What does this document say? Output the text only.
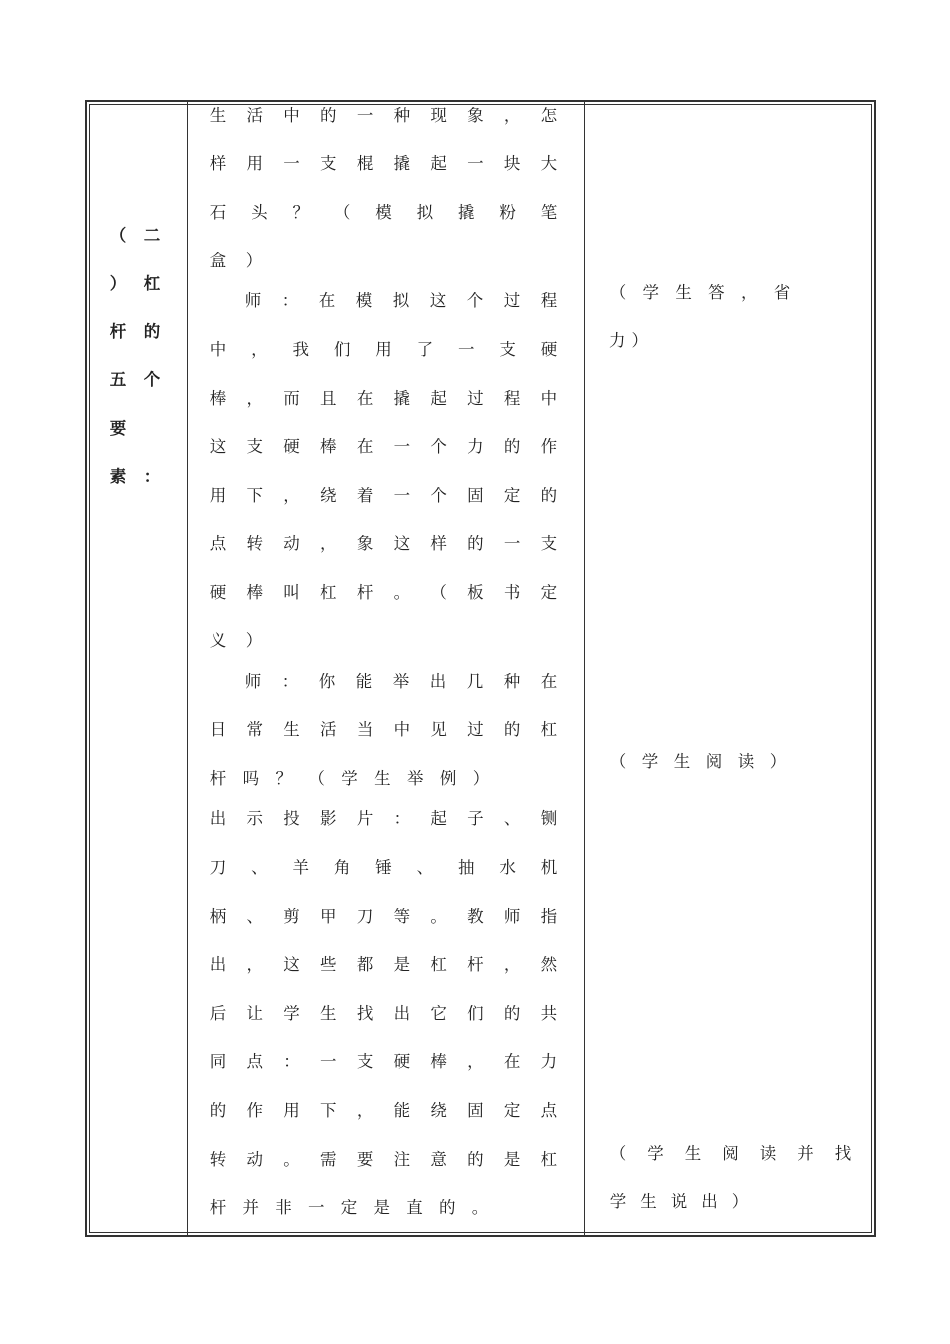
（ 二
） 杠
杆 的
五 个
要
素 ：
生 活 中 的 一 种 现 象 ， 怎
样 用 一 支 棍 撬 起 一 块 大
石 头 ？ （ 模 拟 撬 粉 笔
盒 ）
师 ： 在 模 拟 这 个 过 程
中 ， 我 们 用 了 一 支 硬
棒 ， 而 且 在 撬 起 过 程 中
这 支 硬 棒 在 一 个 力 的 作
用 下 ， 绕 着 一 个 固 定 的
点 转 动 ， 象 这 样 的 一 支
硬 棒 叫 杠 杆 。 （ 板 书 定
义 ）
师 ： 你 能 举 出 几 种 在
日 常 生 活 当 中 见 过 的 杠
杆 吗 ？ （ 学 生 举 例 ）
出 示 投 影 片 ： 起 子 、 铡
刀 、 羊 角 锤 、 抽 水 机
柄 、 剪 甲 刀 等 。 教 师 指
出 ， 这 些 都 是 杠 杆 ， 然
后 让 学 生 找 出 它 们 的 共
同 点 ： 一 支 硬 棒 ， 在 力
的 作 用 下 ， 能 绕 固 定 点
转 动 。 需 要 注 意 的 是 杠
杆 并 非 一 定 是 直 的 。
（ 学 生 答 ， 省
力 ）
（ 学 生 阅 读 ）
（ 学 生 阅 读 并 找
学 生 说 出 ）
